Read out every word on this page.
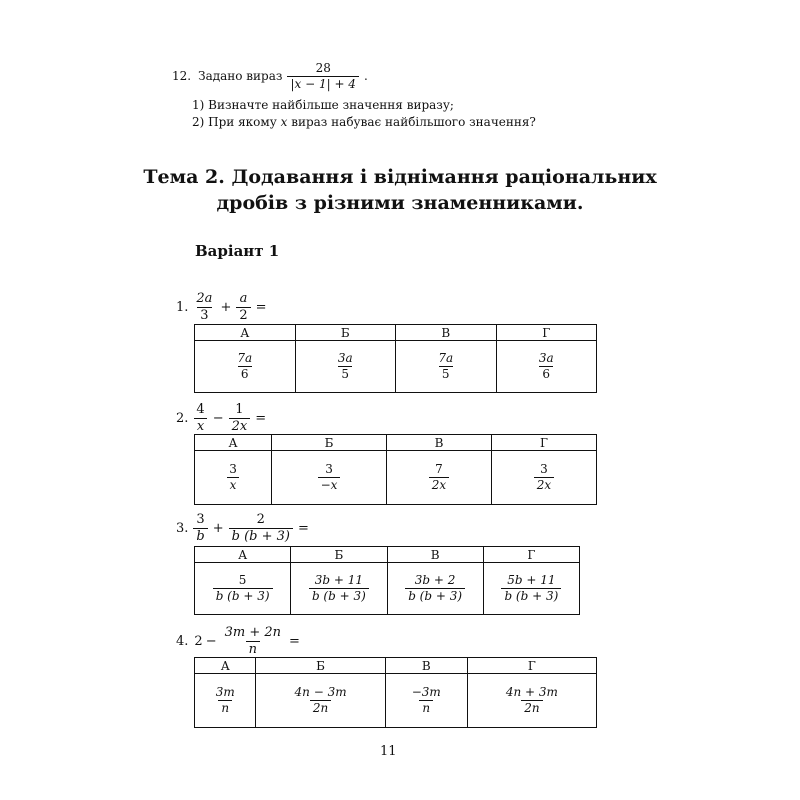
12. Задано вираз $\frac{28}{|x - 1| + 4}$ .
1) Визначте найбільше значення виразу;
2) При якому x вираз набуває найбільшого значення?
Тема 2. Додавання і віднімання раціональних
дробів з різними знаменниками.
Варіант 1
1. $\frac{2a}{3} + \frac{a}{2}$ =
А	Б	В	Г

$\frac{7a}{6}$	$\frac{3a}{5}$	$\frac{7a}{5}$	$\frac{3a}{6}$
2. $\frac{4}{x} - \frac{1}{2x}$ =
А	Б	В	Г

$\frac{3}{x}$	$\frac{3}{-x}$	$\frac{7}{2x}$	$\frac{3}{2x}$
3. $\frac{3}{b} + \frac{2}{b (b + 3)}$ =
А	Б	В	Г

$\frac{5}{b (b + 3)}$	$\frac{3b + 11}{b (b + 3)}$	$\frac{3b + 2}{b (b + 3)}$	$\frac{5b + 11}{b (b + 3)}$
4. $2 - \frac{3m + 2n}{n}$ =
А	Б	В	Г

$\frac{3m}{n}$	$\frac{4n - 3m}{2n}$	$\frac{-3m}{n}$	$\frac{4n + 3m}{2n}$
11
